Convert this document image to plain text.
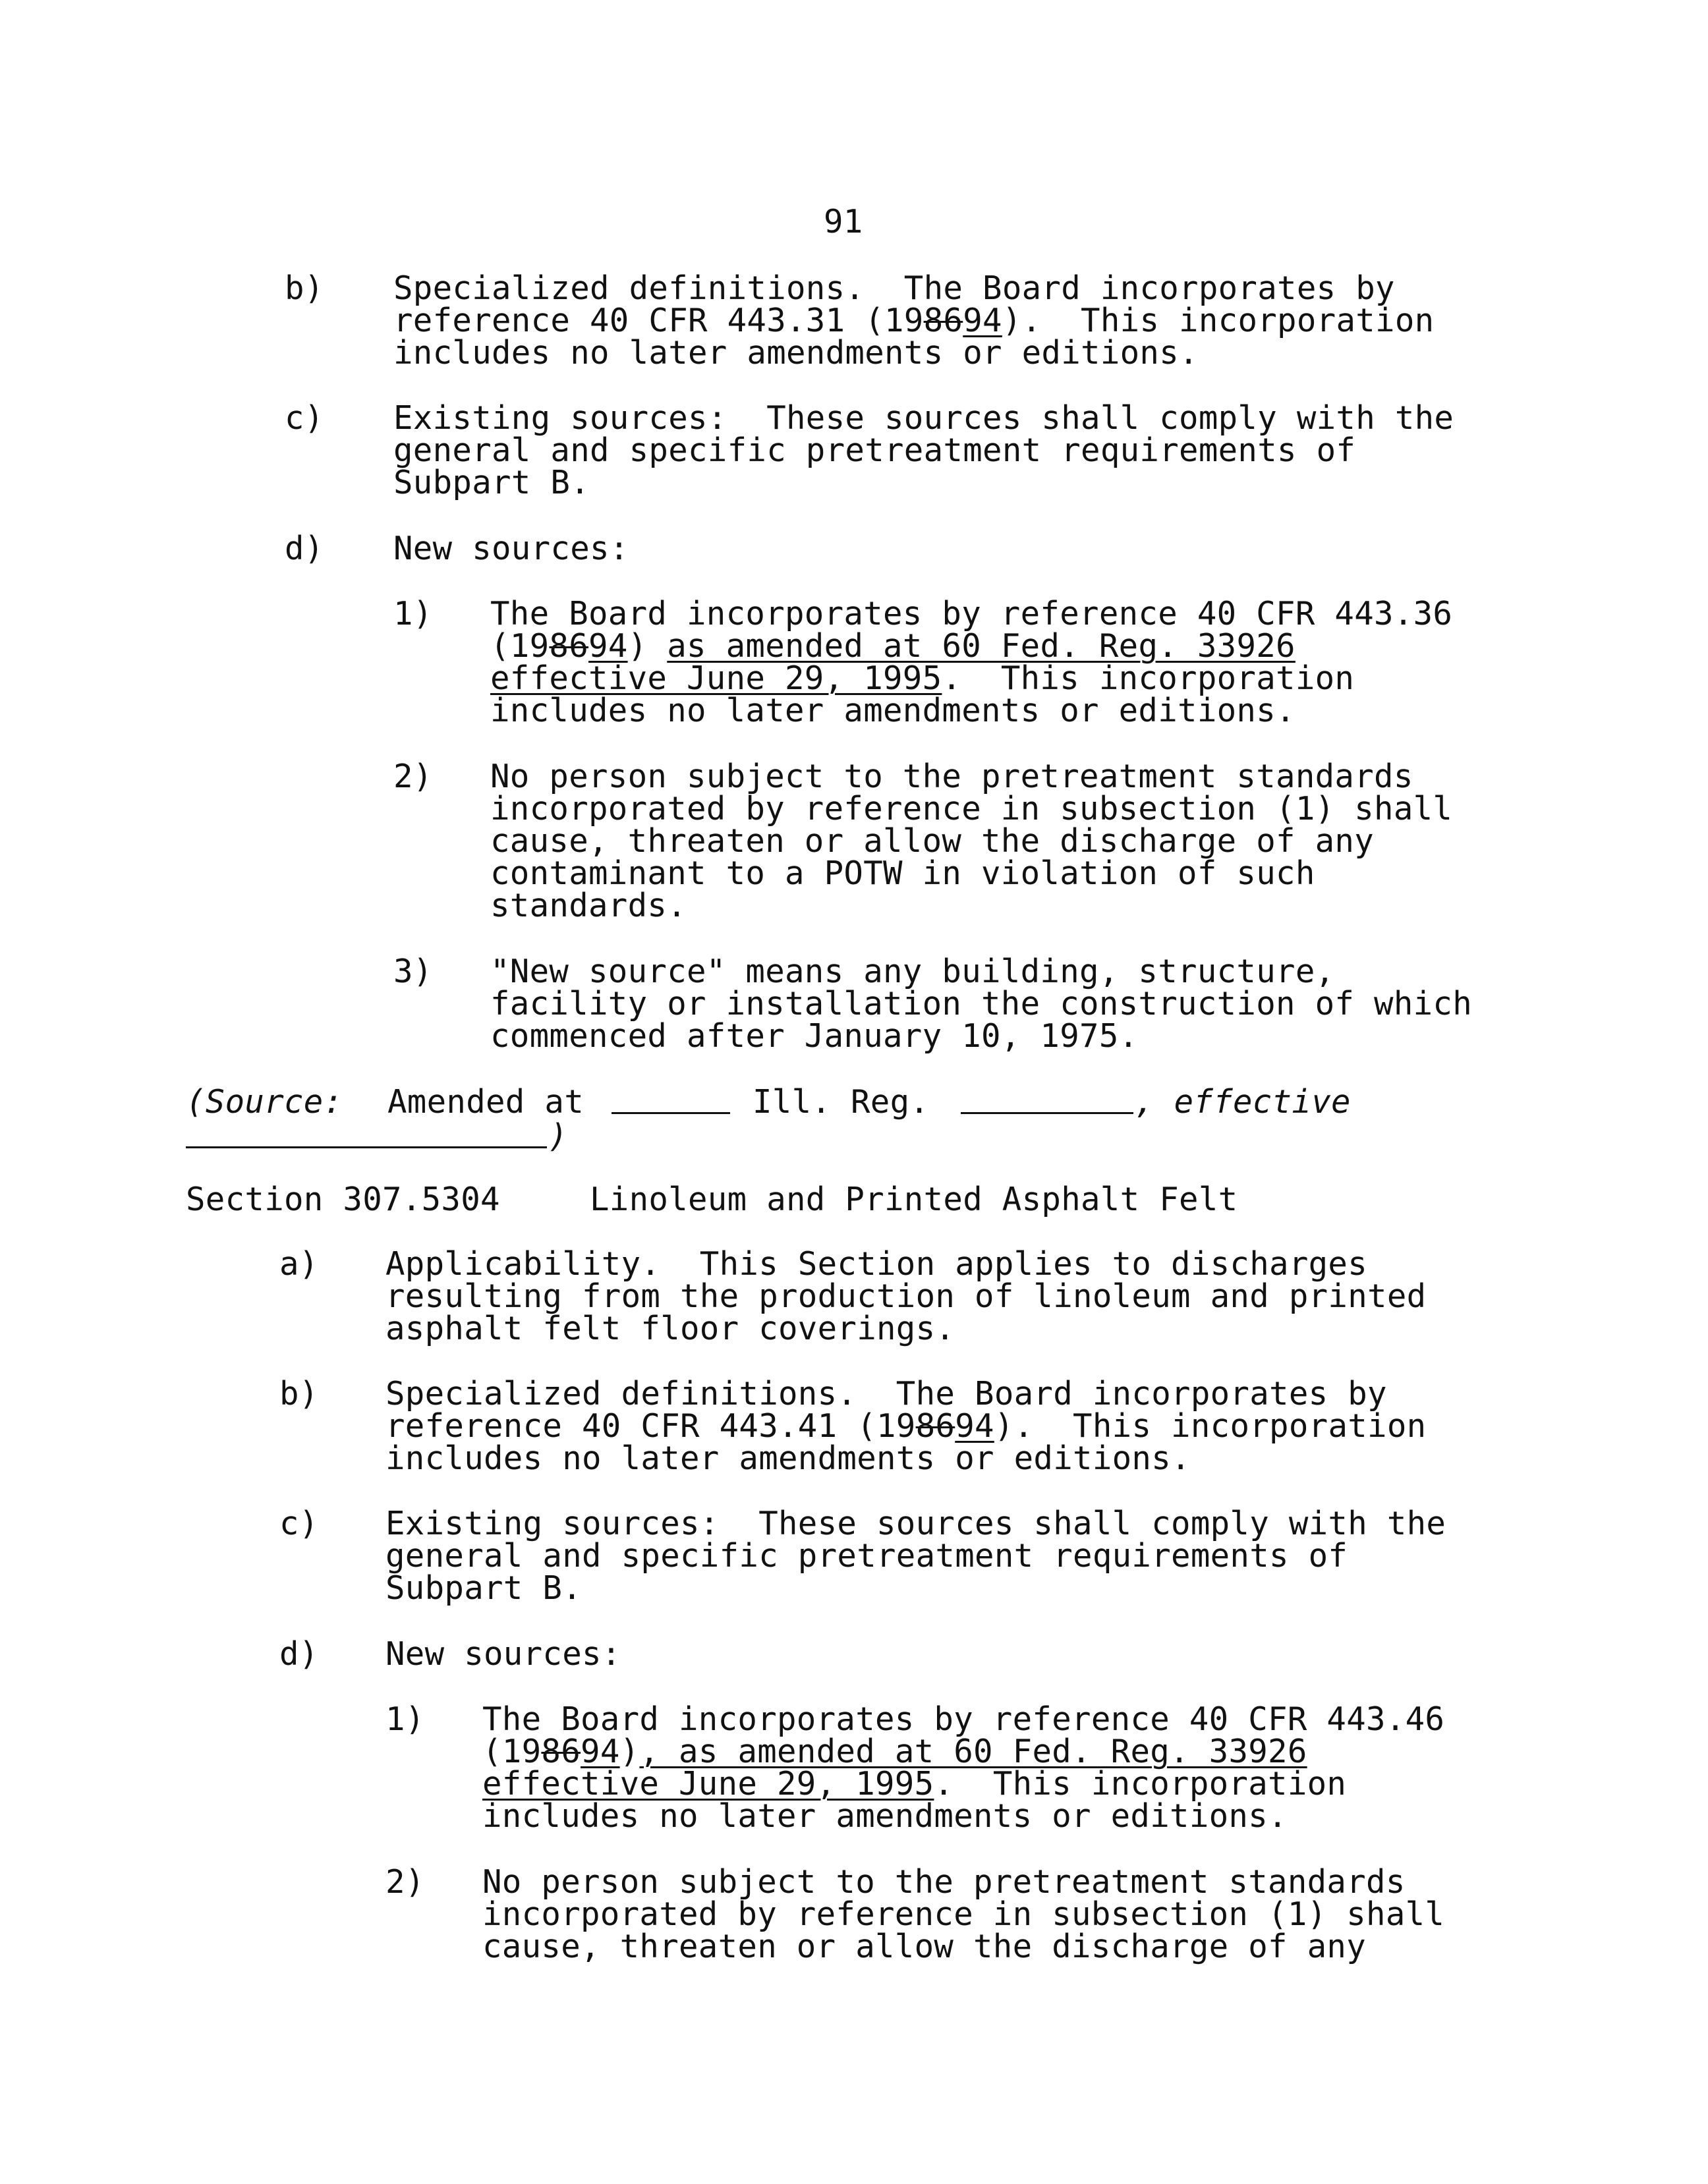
91
b) Specialized definitions.  The Board incorporates by
reference 40 CFR 443.31 (198694).  This incorporation
includes no later amendments or editions.
c) Existing sources:  These sources shall comply with the
general and specific pretreatment requirements of
Subpart B.
d) New sources:
1) The Board incorporates by reference 40 CFR 443.36
(198694) as amended at 60 Fed. Reg. 33926
effective June 29, 1995.  This incorporation
includes no later amendments or editions.
2) No person subject to the pretreatment standards
incorporated by reference in subsection (1) shall
cause, threaten or allow the discharge of any
contaminant to a POTW in violation of such
standards.
3) "New source" means any building, structure,
facility or installation the construction of which
commenced after January 10, 1975.
(Source: Amended at	Ill. Reg.	, effective
)
Section 307.5304	Linoleum and Printed Asphalt Felt
a) Applicability.  This Section applies to discharges
resulting from the production of linoleum and printed
asphalt felt floor coverings.
b) Specialized definitions.  The Board incorporates by
reference 40 CFR 443.41 (198694).  This incorporation
includes no later amendments or editions.
c) Existing sources:  These sources shall comply with the
general and specific pretreatment requirements of
Subpart B.
d) New sources:
1) The Board incorporates by reference 40 CFR 443.46
(198694), as amended at 60 Fed. Reg. 33926
effective June 29, 1995.  This incorporation
includes no later amendments or editions.
2) No person subject to the pretreatment standards
incorporated by reference in subsection (1) shall
cause, threaten or allow the discharge of any
